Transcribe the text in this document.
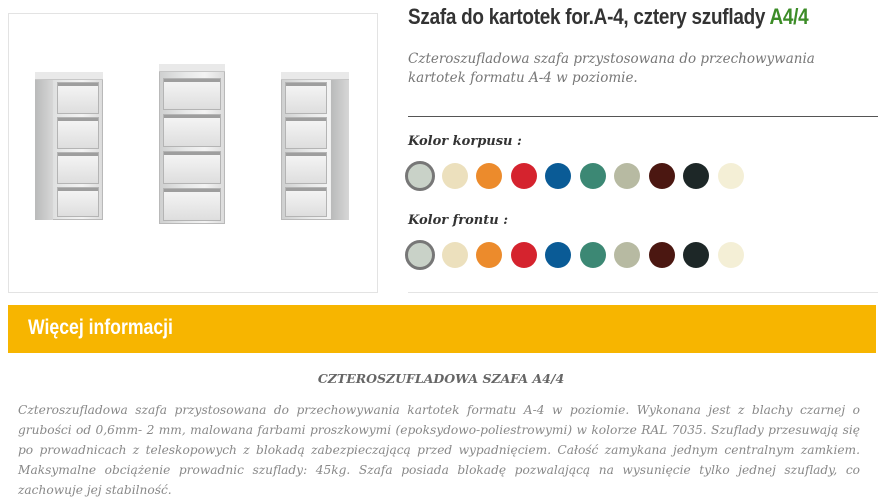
Szafa do kartotek for.A-4, cztery szuflady A4/4

Czteroszufladowa szafa przystosowana do przechowywania kartotek formatu A-4 w poziomie.

Kolor korpusu :
Kolor frontu :
Więcej informacji
CZTEROSZUFLADOWA SZAFA A4/4

Czteroszufladowa szafa przystosowana do przechowywania kartotek formatu A-4 w poziomie. Wykonana jest z blachy czarnej o grubości od 0,6mm- 2 mm, malowana farbami proszkowymi (epoksydowo-poliestrowymi) w kolorze RAL 7035. Szuflady przesuwają się po prowadnicach z teleskopowych z blokadą zabezpieczającą przed wypadnięciem. Całość zamykana jednym centralnym zamkiem. Maksymalne obciążenie prowadnic szuflady: 45kg. Szafa posiada blokadę pozwalającą na wysunięcie tylko jednej szuflady, co zachowuje jej stabilność.
